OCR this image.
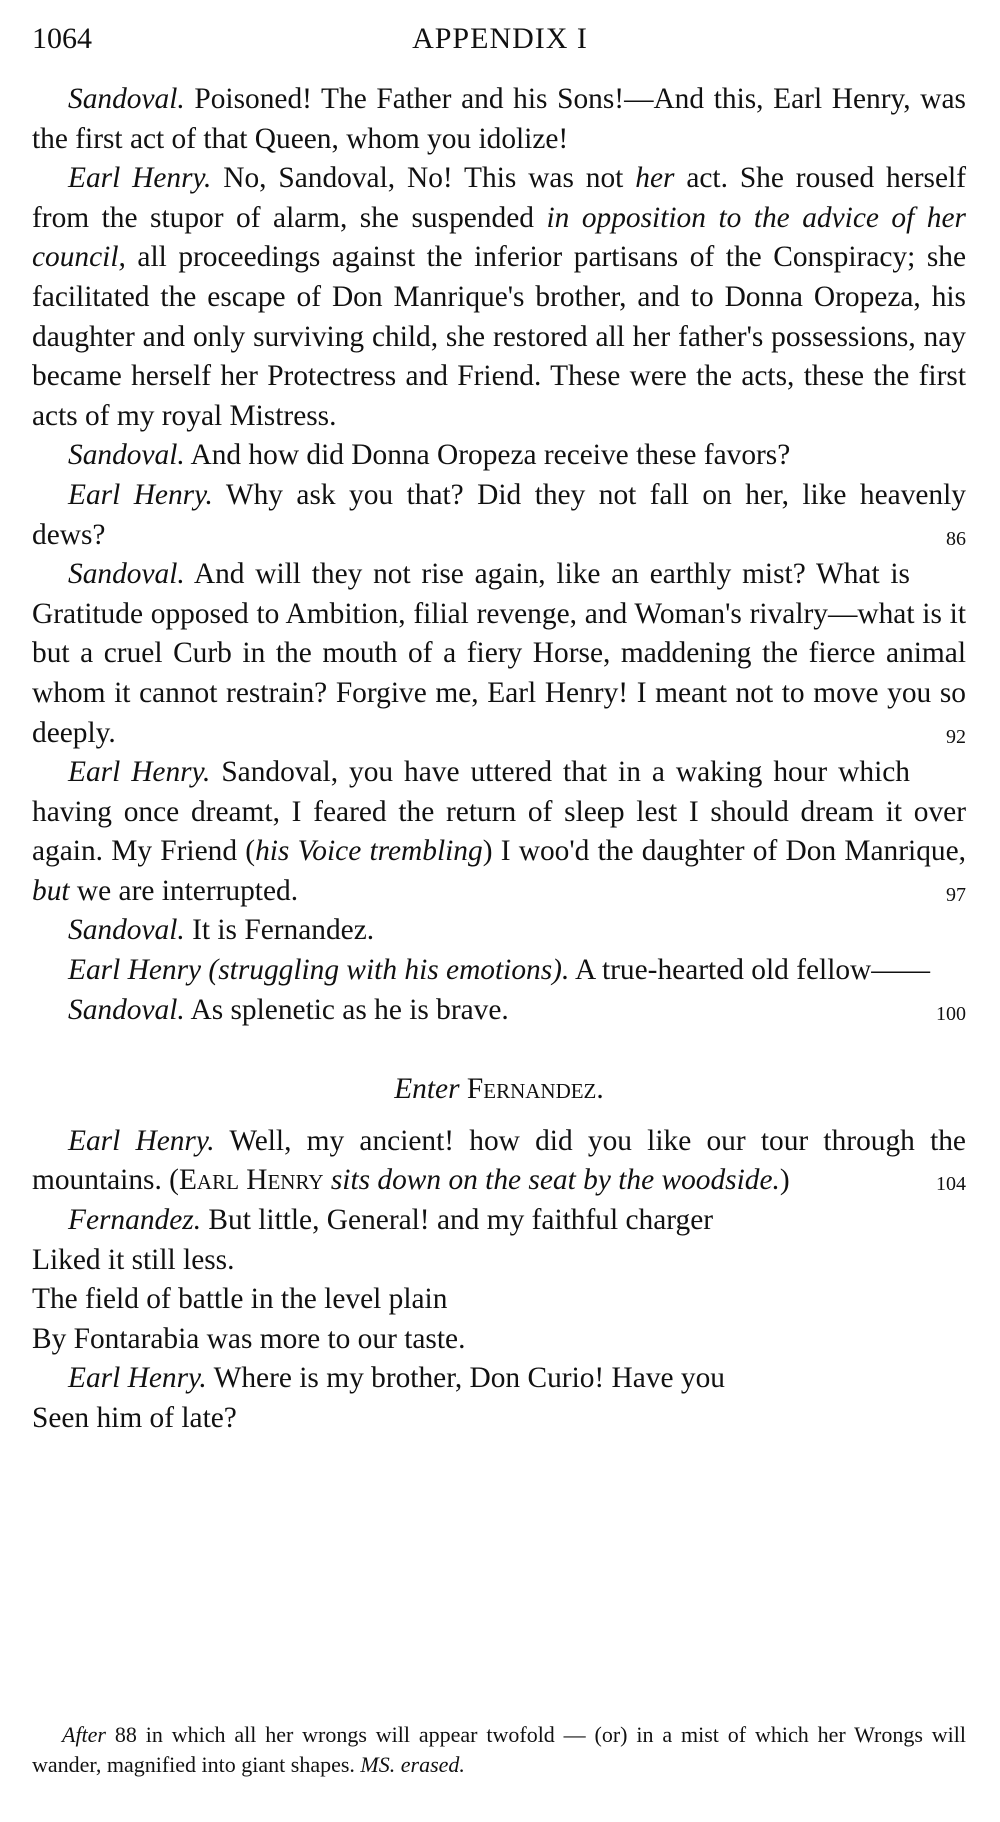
1064	APPENDIX I
Sandoval. Poisoned! The Father and his Sons!—And this, Earl Henry, was the first act of that Queen, whom you idolize!
Earl Henry. No, Sandoval, No! This was not her act. She roused herself from the stupor of alarm, she suspended in opposition to the advice of her council, all proceedings against the inferior partisans of the Conspiracy; she facilitated the escape of Don Manrique's brother, and to Donna Oropeza, his daughter and only surviving child, she restored all her father's possessions, nay became herself her Protectress and Friend. These were the acts, these the first acts of my royal Mistress.
Sandoval. And how did Donna Oropeza receive these favors?
Earl Henry. Why ask you that? Did they not fall on her, like heavenly dews?	86
Sandoval. And will they not rise again, like an earthly mist? What is Gratitude opposed to Ambition, filial revenge, and Woman's rivalry—what is it but a cruel Curb in the mouth of a fiery Horse, maddening the fierce animal whom it cannot restrain? Forgive me, Earl Henry! I meant not to move you so deeply.	92
Earl Henry. Sandoval, you have uttered that in a waking hour which having once dreamt, I feared the return of sleep lest I should dream it over again. My Friend (his Voice trembling) I woo'd the daughter of Don Manrique, but we are interrupted.	97
Sandoval. It is Fernandez.
Earl Henry (struggling with his emotions). A true-hearted old fellow——
100
Sandoval. As splenetic as he is brave.
Enter Fernandez.
Earl Henry. Well, my ancient! how did you like our tour through the mountains. (Earl Henry sits down on the seat by the woodside.)	104
Fernandez. But little, General! and my faithful charger
Liked it still less.
The field of battle in the level plain
By Fontarabia was more to our taste.
Earl Henry. Where is my brother, Don Curio! Have you
Seen him of late?
After 88 in which all her wrongs will appear twofold — (or) in a mist of which her Wrongs will wander, magnified into giant shapes. MS. erased.
